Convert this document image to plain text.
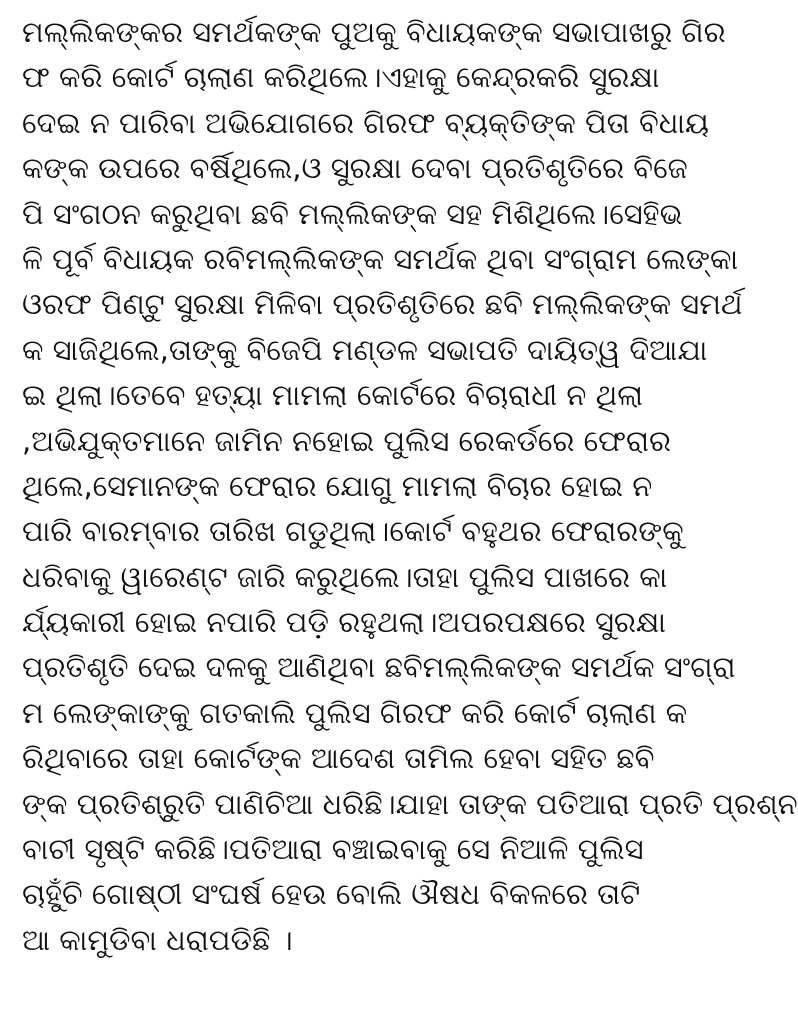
ମଲ୍ଲିକଙ୍କର ସମର୍ଥକଙ୍କ ପୁଅକୁ ବିଧାୟକଙ୍କ ସଭାପାଖରୁ ଗିର
ଫ କରି କୋର୍ଟ ଚାଲାଣ କରିଥିଲେ।ଏହାକୁ କେନ୍ଦ୍ରକରି ସୁରକ୍ଷା
ଦେଇ ନ ପାରିବା ଅଭିଯୋଗରେ ଗିରଫ ବ୍ୟକ୍ତିଙ୍କ ପିତା ବିଧାୟ
କଙ୍କ ଉପରେ ବର୍ଷିଥିଲେ,ଓ ସୁରକ୍ଷା ଦେବା ପ୍ରତିଶୃତିରେ ବିଜେ
ପି ସଂଗଠନ କରୁଥିବା ଛବି ମଲ୍ଲିକଙ୍କ ସହ ମିଶିଥିଲେ।ସେହିଭ
ଳି ପୂର୍ବ ବିଧାୟକ ରବିମଲ୍ଲିକଙ୍କ ସମର୍ଥକ ଥିବା ସଂଗ୍ରାମ ଲେଙ୍କା
ଓରଫ ପିଣ୍ଟୁ ସୁରକ୍ଷା ମିଳିବା ପ୍ରତିଶୃତିରେ ଛବି ମଲ୍ଲିକଙ୍କ ସମର୍ଥ
କ ସାଜିଥିଲେ,ତାଙ୍କୁ ବିଜେପି ମଣ୍ଡଳ ସଭାପତି ଦାୟିତ୍ୱ ଦିଆଯା
ଇ ଥିଲା।ତେବେ ହତ୍ୟା ମାମଲା କୋର୍ଟରେ ବିଚାରାଧୀ ନ ଥିଲା
,ଅଭିଯୁକ୍ତମାନେ ଜାମିନ ନହୋଇ ପୁଲିସ ରେକର୍ଡରେ ଫେରାର
ଥିଲେ,ସେମାନଙ୍କ ଫେରାର ଯୋଗୁ ମାମଲା ବିଚାର ହୋଇ ନ
ପାରି ବାରମ୍ବାର ତାରିଖ ଗଡୁଥିଲା।କୋର୍ଟ ବହୁଥର ଫେରାରଙ୍କୁ
ଧରିବାକୁ ୱାରେଣ୍ଟ ଜାରି କରୁଥିଲେ।ତାହା ପୁଲିସ ପାଖରେ କା
ର୍ଯ୍ୟକାରୀ ହୋଇ ନପାରି ପଡ଼ି ରହୁଥଲା।ଅପରପକ୍ଷରେ ସୁରକ୍ଷା
ପ୍ରତିଶୃତି ଦେଇ ଦଳକୁ ଆଣିଥିବା ଛବିମଲ୍ଲିକଙ୍କ ସମର୍ଥକ ସଂଗ୍ରା
ମ ଲେଙ୍କାଙ୍କୁ ଗତକାଲି ପୁଲିସ ଗିରଫ କରି କୋର୍ଟ ଚାଲାଣ କ
ରିଥିବାରେ ତାହା କୋର୍ଟଙ୍କ ଆଦେଶ ତାମିଲ ହେବା ସହିତ ଛବି
ଙ୍କ ପ୍ରତିଶ୍ରୁତି ପାଣିଚିଆ ଧରିଛି।ଯାହା ତାଙ୍କ ପତିଆରା ପ୍ରତି ପ୍ରଶ୍ନ
ବାଚୀ ସୃଷ୍ଟି କରିଛି।ପତିଆରା ବଞ୍ଚାଇବାକୁ ସେ ନିଆଳି ପୁଲିସ
ଚାହୁଁଚି ଗୋଷ୍ଠୀ ସଂଘର୍ଷ ହେଉ ବୋଲି ଔଷଧ ବିକଳରେ ତାଟି
ଆ କାମୁଡିବା ଧରାପଡିଛି ।
